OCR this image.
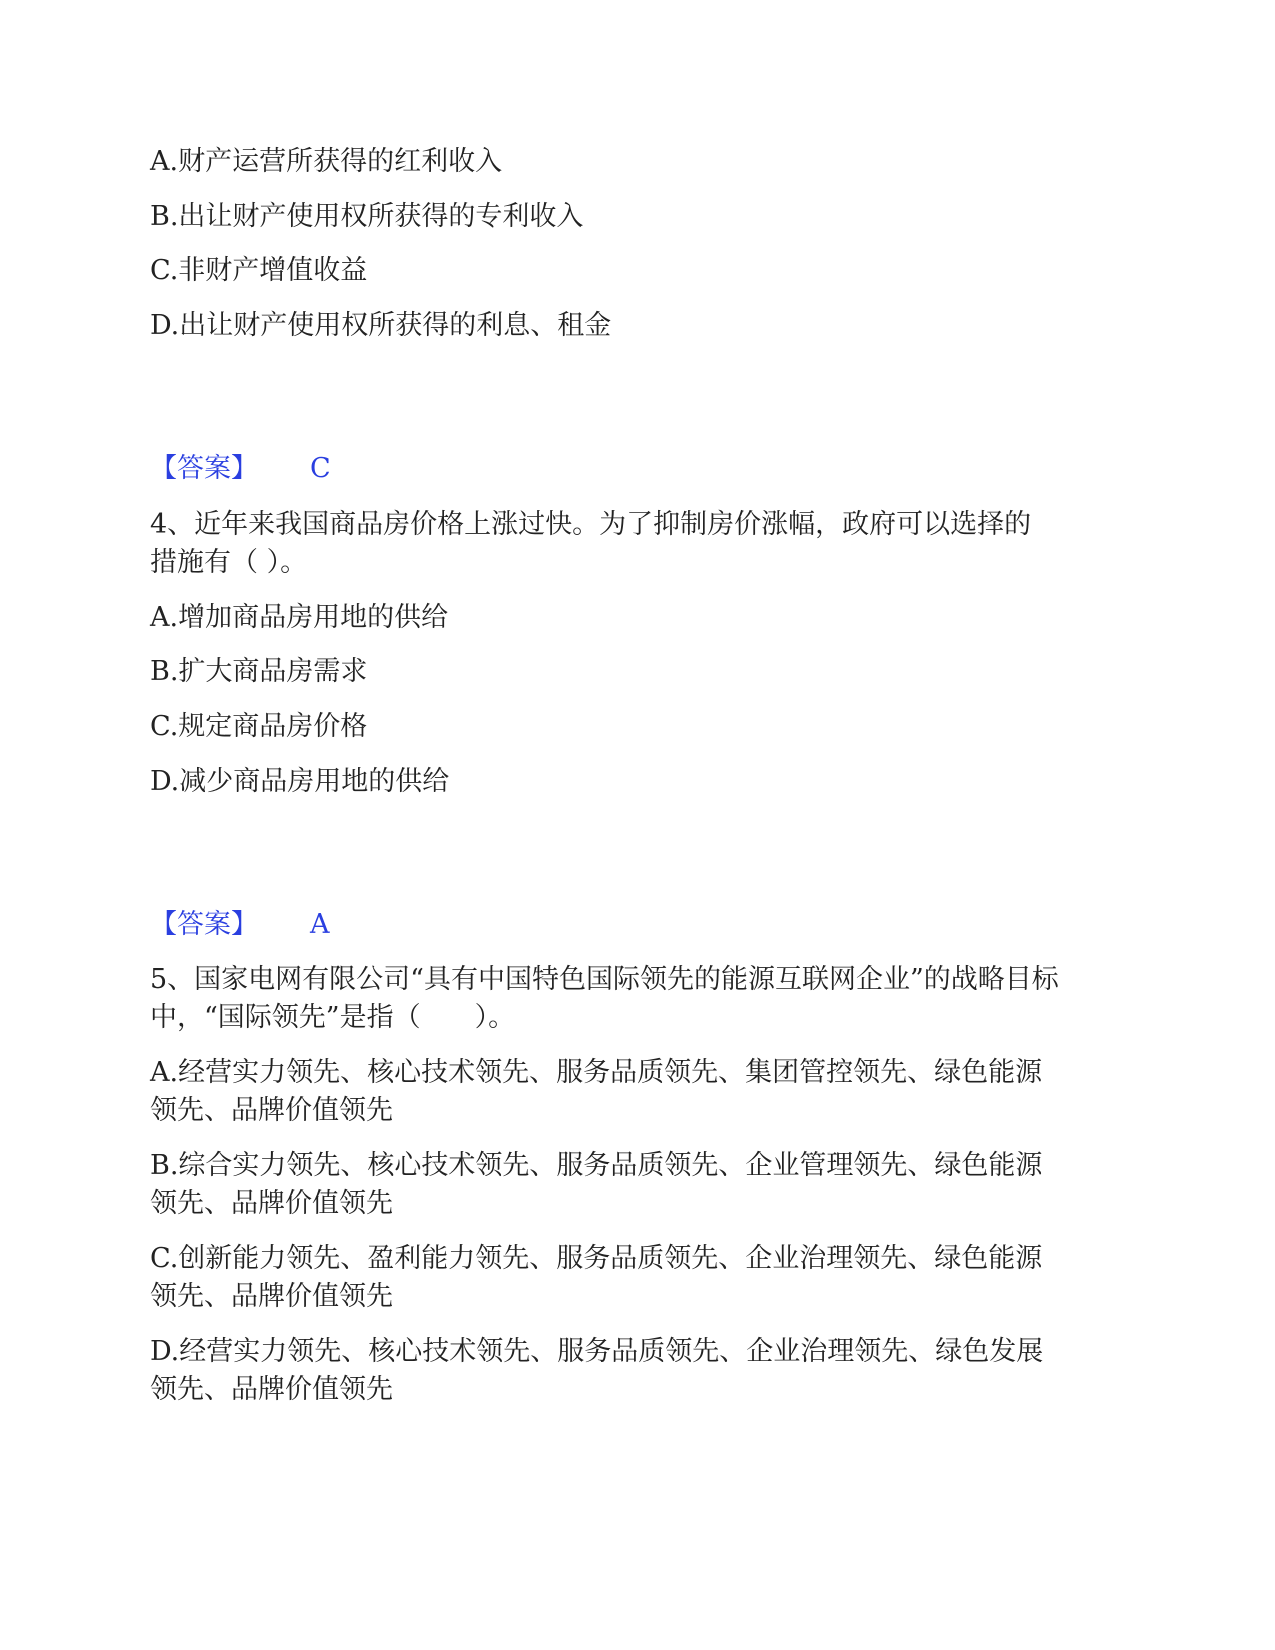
A.财产运营所获得的红利收入
B.出让财产使用权所获得的专利收入
C.非财产增值收益
D.出让财产使用权所获得的利息、租金
【答案】 C
4、近年来我国商品房价格上涨过快。为了抑制房价涨幅，政府可以选择的
措施有（ ）。
A.增加商品房用地的供给
B.扩大商品房需求
C.规定商品房价格
D.减少商品房用地的供给
【答案】 A
5、国家电网有限公司“具有中国特色国际领先的能源互联网企业”的战略目标
中，“国际领先”是指（　　）。
A.经营实力领先、核心技术领先、服务品质领先、集团管控领先、绿色能源
领先、品牌价值领先
B.综合实力领先、核心技术领先、服务品质领先、企业管理领先、绿色能源
领先、品牌价值领先
C.创新能力领先、盈利能力领先、服务品质领先、企业治理领先、绿色能源
领先、品牌价值领先
D.经营实力领先、核心技术领先、服务品质领先、企业治理领先、绿色发展
领先、品牌价值领先
